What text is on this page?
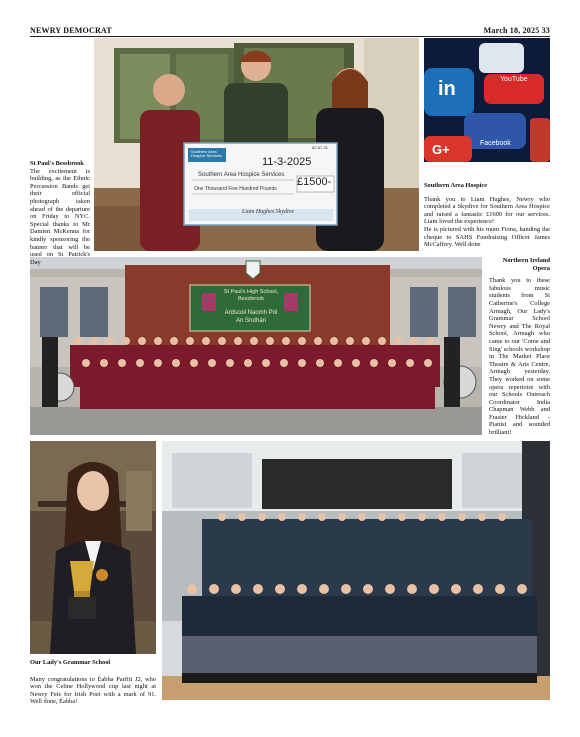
NEWRY DEMOCRAT	March 18, 2025 33
Southern Area Hospice Services
82-57-21
11-3-2025
Southern Area Hospice Services
One Thousand Five Hundred Pounds
£1500-
Liam Hughes Skydive
YouTube
in
Facebook
G+
St Paul's High School,
Bessbrook
Ardscoil Naomh Pól
An Sruthán
St Paul's Bessbrook

The excitement is building, as the Ethnic Percussion Bands get their official photograph taken ahead of the departure on Friday to NYC. Special thanks to Mr Damien McKenna for kindly sponsoring the banner that will be used on St Patrick's Day

Southern Area Hospice

Thank you to Liam Hughes, Newry who completed a Skydive for Southern Area Hospice and raised a fantastic £1600 for our services. Liam loved the experience!

He is pictured with his mum Fiona, handing the cheque to SAHS Fundraising Officer James McCaffrey. Well done

Northern Ireland Opera

Thank you to these fabulous music students from St Catherine's College Armagh, Our Lady's Grammar School Newry and The Royal School, Armagh who came to our 'Come and Sing' schools workshop in The Market Place Theatre & Arts Centre, Armagh yesterday. They worked on some opera repertoire with our Schools Outreach Coordinator India Chapman Webb and Frasier Hickland - Pianist and sounded brilliant!

Our Lady's Grammar School

Many congratulations to Éabha Parfitt J2, who won the Celine Hollywood cup last night at Newry Feis for Irish Poet with a mark of 91. Well done, Éabha!
